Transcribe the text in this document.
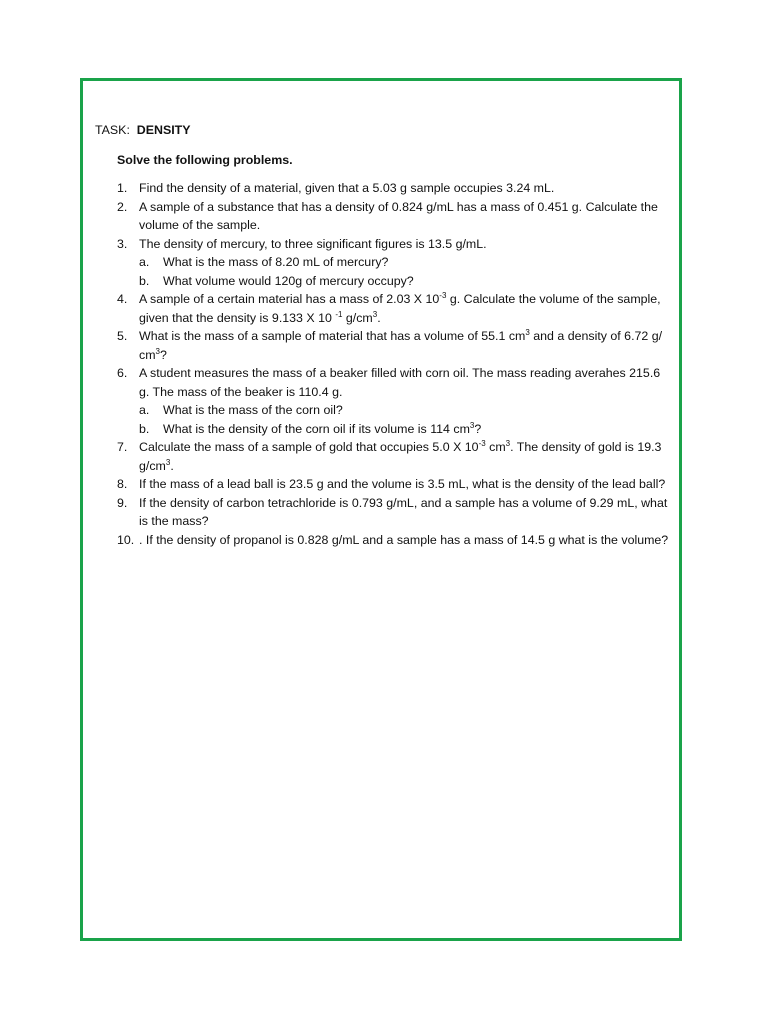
TASK: DENSITY

Solve the following problems.

1. Find the density of a material, given that a 5.03 g sample occupies 3.24 mL.
2. A sample of a substance that has a density of 0.824 g/mL has a mass of 0.451 g. Calculate the volume of the sample.
3. The density of mercury, to three significant figures is 13.5 g/mL.
a. What is the mass of 8.20 mL of mercury?
b. What volume would 120g of mercury occupy?
4. A sample of a certain material has a mass of 2.03 X $10^{-3}$ g. Calculate the volume of the sample, given that the density is 9.133 X 10 $^{-1}$ $g/cm^3$.
5. What is the mass of a sample of material that has a volume of 55.1 $cm^3$ and a density of 6.72 g/ $cm^3$?
6. A student measures the mass of a beaker filled with corn oil. The mass reading averahes 215.6 g. The mass of the beaker is 110.4 g.
a. What is the mass of the corn oil?
b. What is the density of the corn oil if its volume is 114 $cm^3$?
7. Calculate the mass of a sample of gold that occupies 5.0 X $10^{-3}$ $cm^3$. The density of gold is 19.3 $g/cm^3$.
8. If the mass of a lead ball is 23.5 g and the volume is 3.5 mL, what is the density of the lead ball?
9. If the density of carbon tetrachloride is 0.793 g/mL, and a sample has a volume of 9.29 mL, what is the mass?
10. . If the density of propanol is 0.828 g/mL and a sample has a mass of 14.5 g what is the volume?
